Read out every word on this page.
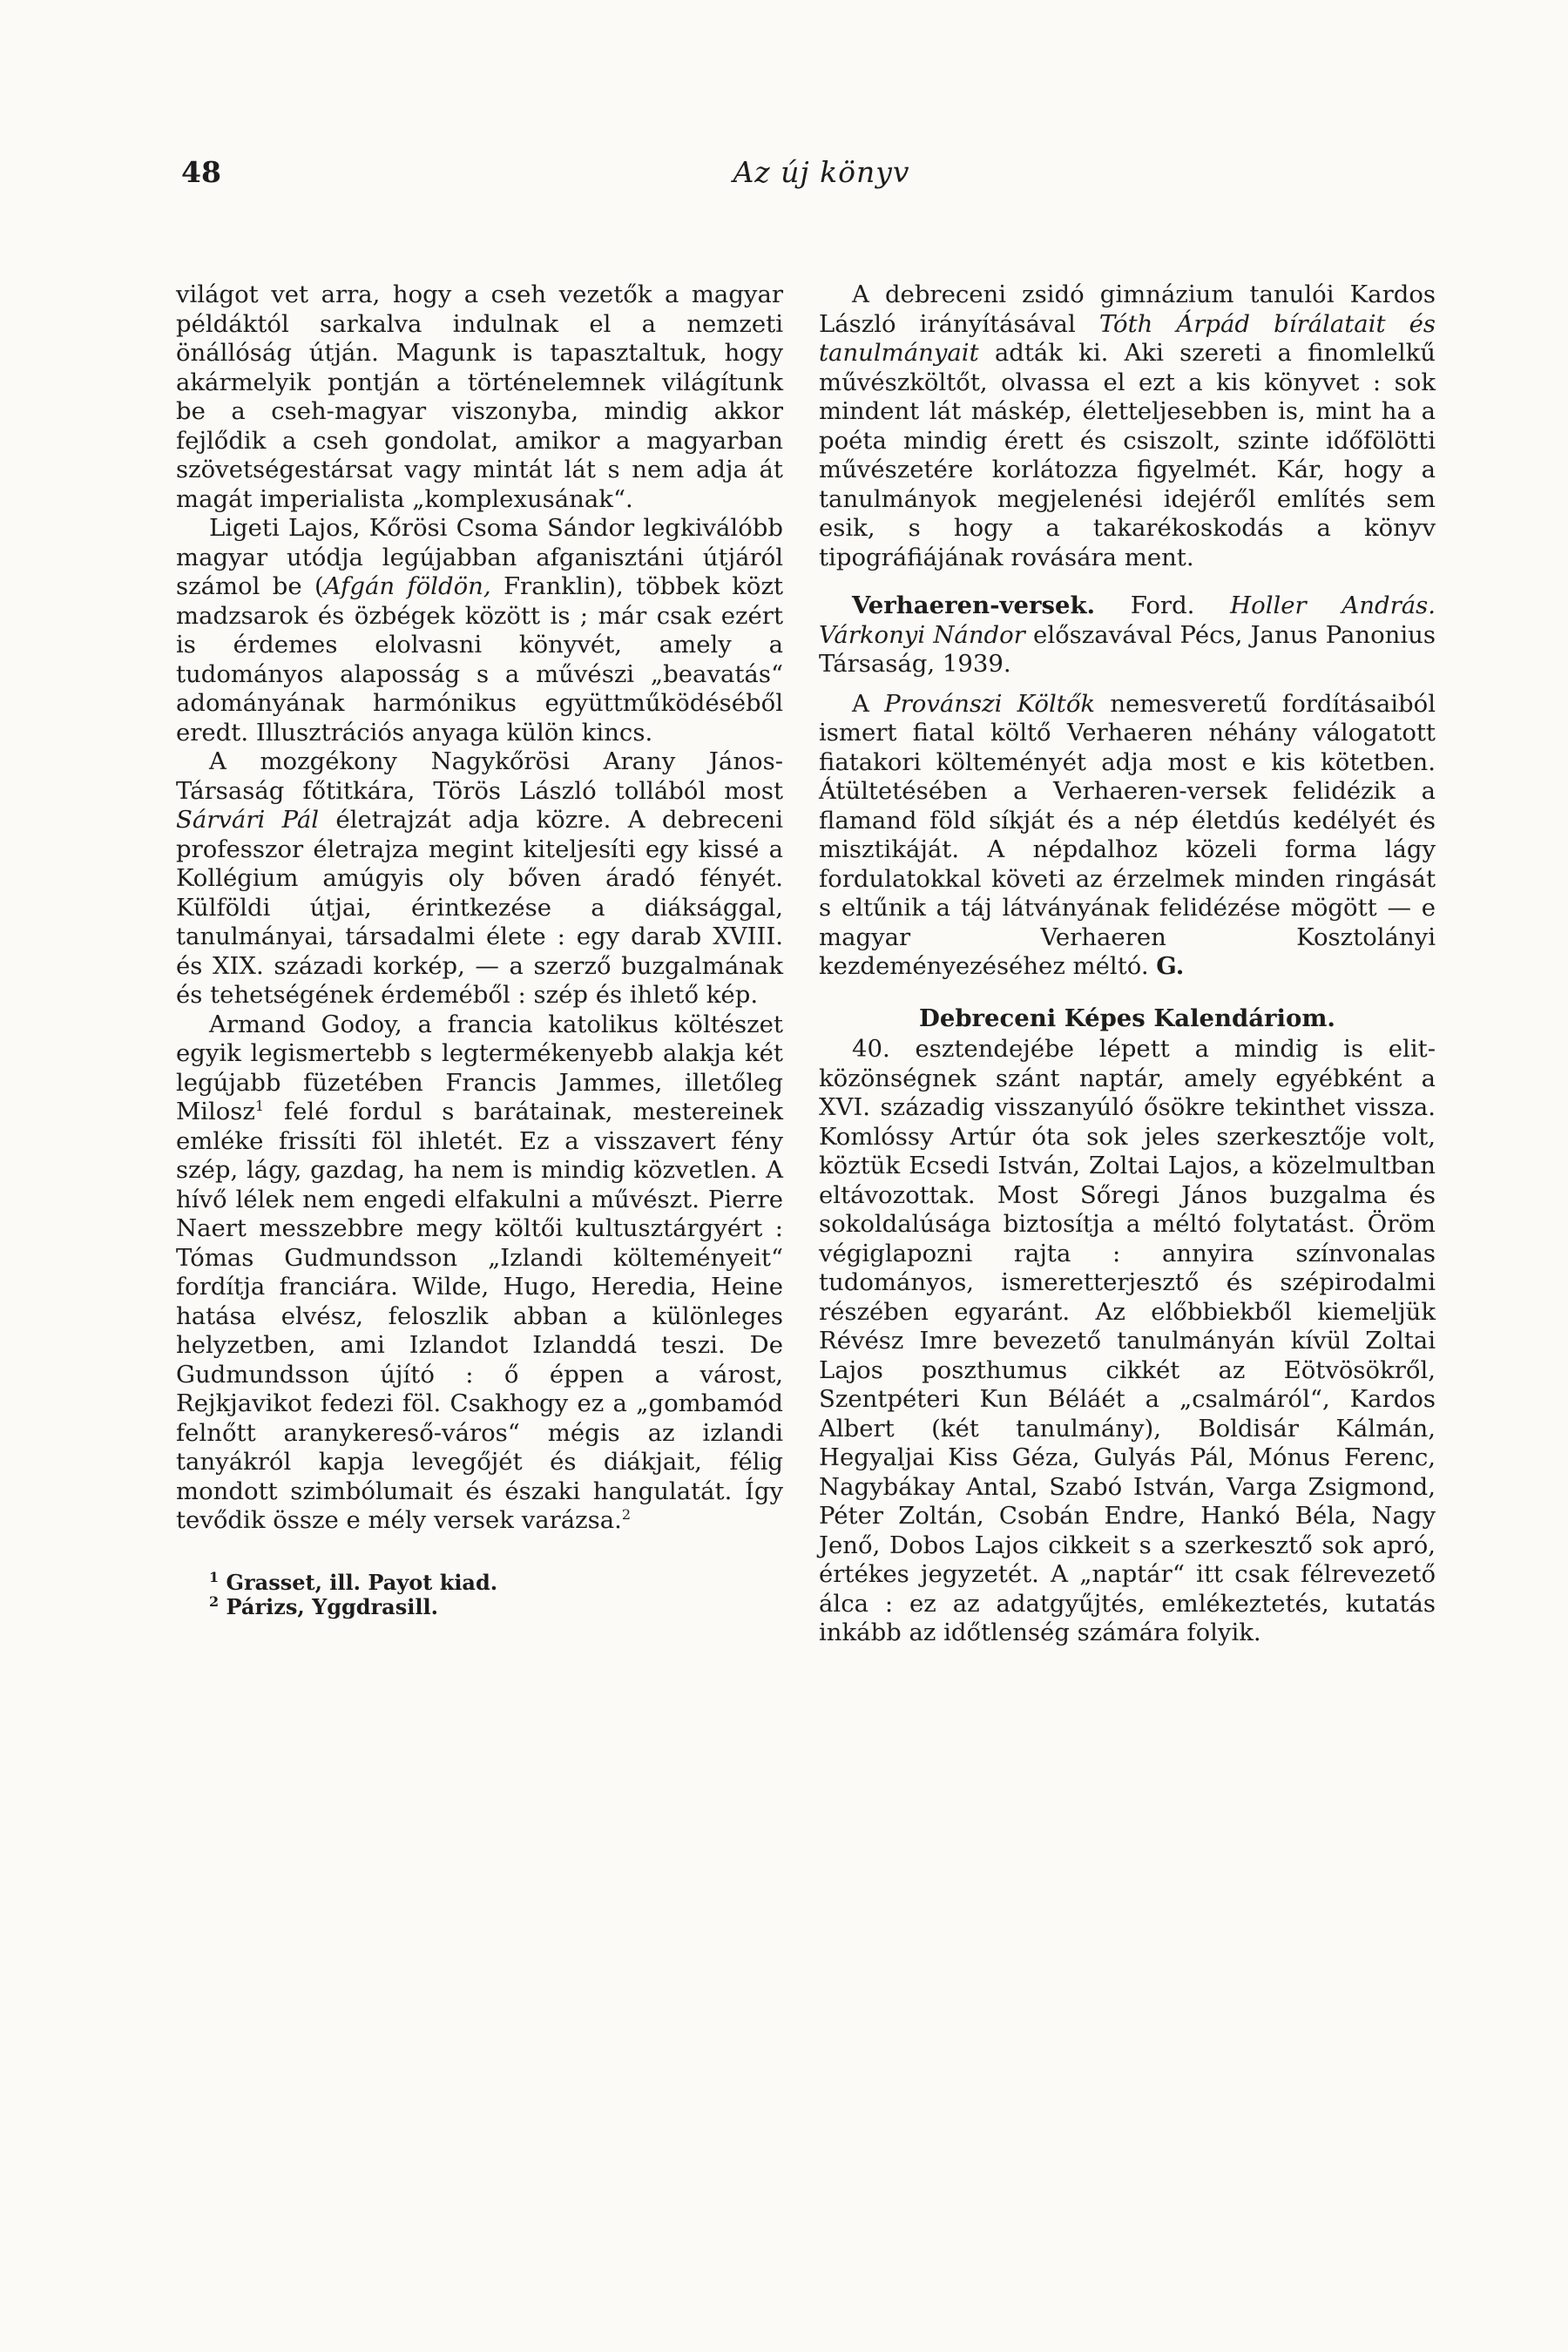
48	Az új könyv

világot vet arra, hogy a cseh vezetők a magyar példáktól sarkalva indulnak el a nemzeti önállóság útján. Magunk is tapasztaltuk, hogy akármelyik pontján a történelemnek világítunk be a cseh-magyar viszonyba, mindig akkor fejlődik a cseh gondolat, amikor a magyarban szövetségestársat vagy mintát lát s nem adja át magát imperialista „komplexusának“.

Ligeti Lajos, Kőrösi Csoma Sándor legkiválóbb magyar utódja legújabban afganisztáni útjáról számol be (Afgán földön, Franklin), többek közt madzsarok és özbégek között is ; már csak ezért is érdemes elolvasni könyvét, amely a tudományos alaposság s a művészi „beavatás“ adományának harmónikus együttműködéséből eredt. Illusztrációs anyaga külön kincs.

A mozgékony Nagykőrösi Arany János-Társaság főtitkára, Törös László tollából most Sárvári Pál életrajzát adja közre. A debreceni professzor életrajza megint kiteljesíti egy kissé a Kollégium amúgyis oly bőven áradó fényét. Külföldi útjai, érintkezése a diáksággal, tanulmányai, társadalmi élete : egy darab XVIII. és XIX. századi korkép, — a szerző buzgalmának és tehetségének érdeméből : szép és ihlető kép.

Armand Godoy, a francia katolikus költészet egyik legismertebb s legtermékenyebb alakja két legújabb füzetében Francis Jammes, illetőleg Milosz$^1$ felé fordul s barátainak, mestereinek emléke frissíti föl ihletét. Ez a visszavert fény szép, lágy, gazdag, ha nem is mindig közvetlen. A hívő lélek nem engedi elfakulni a művészt. Pierre Naert messzebbre megy költői kultusztárgyért : Tómas Gudmundsson „Izlandi költeményeit“ fordítja franciára. Wilde, Hugo, Heredia, Heine hatása elvész, feloszlik abban a különleges helyzetben, ami Izlandot Izlanddá teszi. De Gudmundsson újító : ő éppen a várost, Rejkjavikot fedezi föl. Csakhogy ez a „gombamód felnőtt aranykereső-város“ mégis az izlandi tanyákról kapja levegőjét és diákjait, félig mondott szimbólumait és északi hangulatát. Így tevődik össze e mély versek varázsa.$^2$

$^1$ Grasset, ill. Payot kiad.
$^2$ Párizs, Yggdrasill.

A debreceni zsidó gimnázium tanulói Kardos László irányításával Tóth Árpád bírálatait és tanulmányait adták ki. Aki szereti a finomlelkű művészköltőt, olvassa el ezt a kis könyvet : sok mindent lát máskép, életteljesebben is, mint ha a poéta mindig érett és csiszolt, szinte időfölötti művészetére korlátozza figyelmét. Kár, hogy a tanulmányok megjelenési idejéről említés sem esik, s hogy a takarékoskodás a könyv tipográfiájának rovására ment.

Verhaeren-versek. Ford. Holler András. Várkonyi Nándor előszavával Pécs, Janus Panonius Társaság, 1939.

A Provánszi Költők nemesveretű fordításaiból ismert fiatal költő Verhaeren néhány válogatott fiatakori költeményét adja most e kis kötetben. Átültetésében a Verhaeren-versek felidézik a flamand föld síkját és a nép életdús kedélyét és misztikáját. A népdalhoz közeli forma lágy fordulatokkal követi az érzelmek minden ringását s eltűnik a táj látványának felidézése mögött — e magyar Verhaeren Kosztolányi kezdeményezéséhez méltó. G.

Debreceni Képes Kalendáriom.

40. esztendejébe lépett a mindig is elit-közönségnek szánt naptár, amely egyébként a XVI. századig visszanyúló ősökre tekinthet vissza. Komlóssy Artúr óta sok jeles szerkesztője volt, köztük Ecsedi István, Zoltai Lajos, a közelmultban eltávozottak. Most Sőregi János buzgalma és sokoldalúsága biztosítja a méltó folytatást. Öröm végiglapozni rajta : annyira színvonalas tudományos, ismeretterjesztő és szépirodalmi részében egyaránt. Az előbbiekből kiemeljük Révész Imre bevezető tanulmányán kívül Zoltai Lajos poszthumus cikkét az Eötvösökről, Szentpéteri Kun Béláét a „csalmáról“, Kardos Albert (két tanulmány), Boldisár Kálmán, Hegyaljai Kiss Géza, Gulyás Pál, Mónus Ferenc, Nagybákay Antal, Szabó István, Varga Zsigmond, Péter Zoltán, Csobán Endre, Hankó Béla, Nagy Jenő, Dobos Lajos cikkeit s a szerkesztő sok apró, értékes jegyzetét. A „naptár“ itt csak félrevezető álca : ez az adatgyűjtés, emlékeztetés, kutatás inkább az időtlenség számára folyik.
